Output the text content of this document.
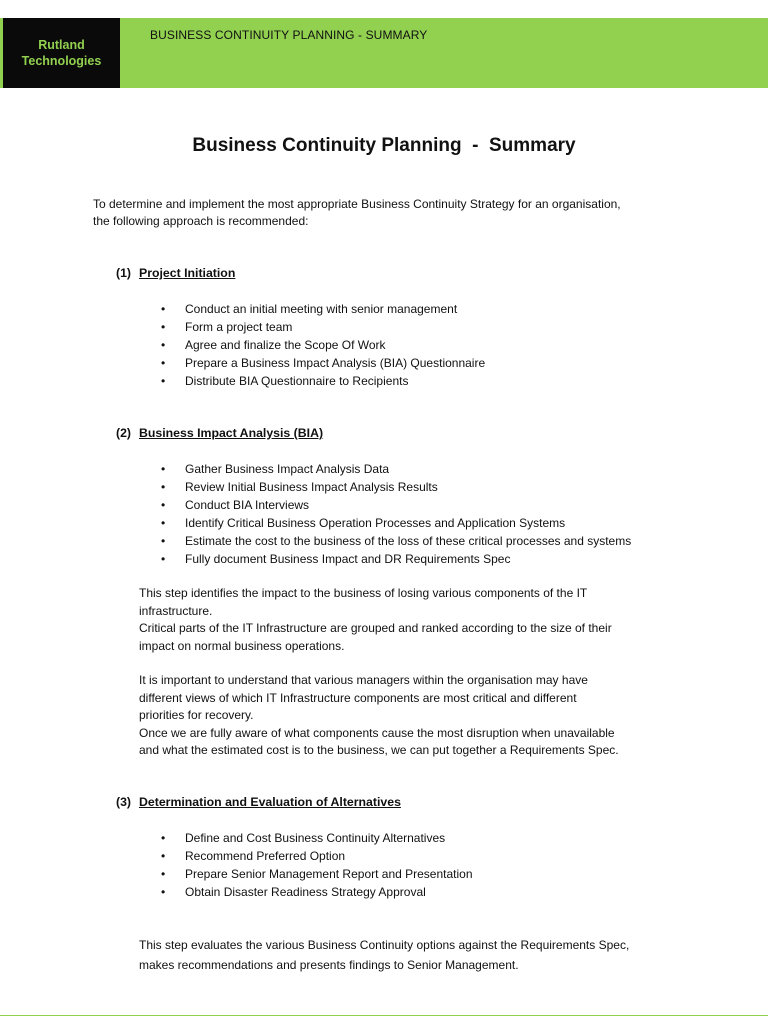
Rutland
Technologies
BUSINESS CONTINUITY PLANNING - SUMMARY
Business Continuity Planning  -  Summary
To determine and implement the most appropriate Business Continuity Strategy for an organisation,
the following approach is recommended:
(1) Project Initiation
• Conduct an initial meeting with senior management
• Form a project team
• Agree and finalize the Scope Of Work
• Prepare a Business Impact Analysis (BIA) Questionnaire
• Distribute BIA Questionnaire to Recipients
(2) Business Impact Analysis (BIA)
• Gather Business Impact Analysis Data
• Review Initial Business Impact Analysis Results
• Conduct BIA Interviews
• Identify Critical Business Operation Processes and Application Systems
• Estimate the cost to the business of the loss of these critical processes and systems
• Fully document Business Impact and DR Requirements Spec
This step identifies the impact to the business of losing various components of the IT
infrastructure.
Critical parts of the IT Infrastructure are grouped and ranked according to the size of their
impact on normal business operations.
It is important to understand that various managers within the organisation may have
different views of which IT Infrastructure components are most critical and different
priorities for recovery.
Once we are fully aware of what components cause the most disruption when unavailable
and what the estimated cost is to the business, we can put together a Requirements Spec.
(3) Determination and Evaluation of Alternatives
• Define and Cost Business Continuity Alternatives
• Recommend Preferred Option
• Prepare Senior Management Report and Presentation
• Obtain Disaster Readiness Strategy Approval
This step evaluates the various Business Continuity options against the Requirements Spec,
makes recommendations and presents findings to Senior Management.
